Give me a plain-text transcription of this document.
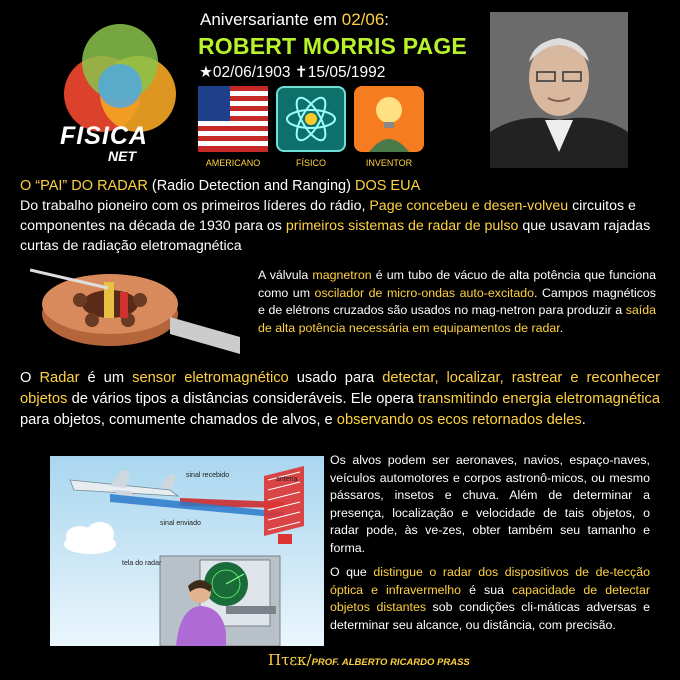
FISICA
NET
Aniversariante em 02/06:
ROBERT MORRIS PAGE
★02/06/1903 ✝15/05/1992
AMERICANO	FÍSICO	INVENTOR
O “PAI” DO RADAR (Radio Detection and Ranging) DOS EUA
Do trabalho pioneiro com os primeiros líderes do rádio, Page concebeu e desen-volveu circuitos e componentes na década de 1930 para os primeiros sistemas de radar de pulso que usavam rajadas curtas de radiação eletromagnética
A válvula magnetron é um tubo de vácuo de alta potência que funciona como um oscilador de micro-ondas auto-excitado. Campos magnéticos e de elétrons cruzados são usados no mag-netron para produzir a saída de alta potência necessária em equipamentos de radar.
O Radar é um sensor eletromagnético usado para detectar, localizar, rastrear e reconhecer objetos de vários tipos a distâncias consideráveis. Ele opera transmitindo energia eletromagnética para objetos, comumente chamados de alvos, e observando os ecos retornados deles.
sinal recebido
antena
sinal enviado
tela do radar
Os alvos podem ser aeronaves, navios, espaço-naves, veículos automotores e corpos astronô-micos, ou mesmo pássaros, insetos e chuva. Além de determinar a presença, localização e velocidade de tais objetos, o radar pode, às ve-zes, obter também seu tamanho e forma.
O que distingue o radar dos dispositivos de de-tecção óptica e infravermelho é sua capacidade de detectar objetos distantes sob condições cli-máticas adversas e determinar seu alcance, ou distância, com precisão.
Πτεκ/PROF. ALBERTO RICARDO PRASS
